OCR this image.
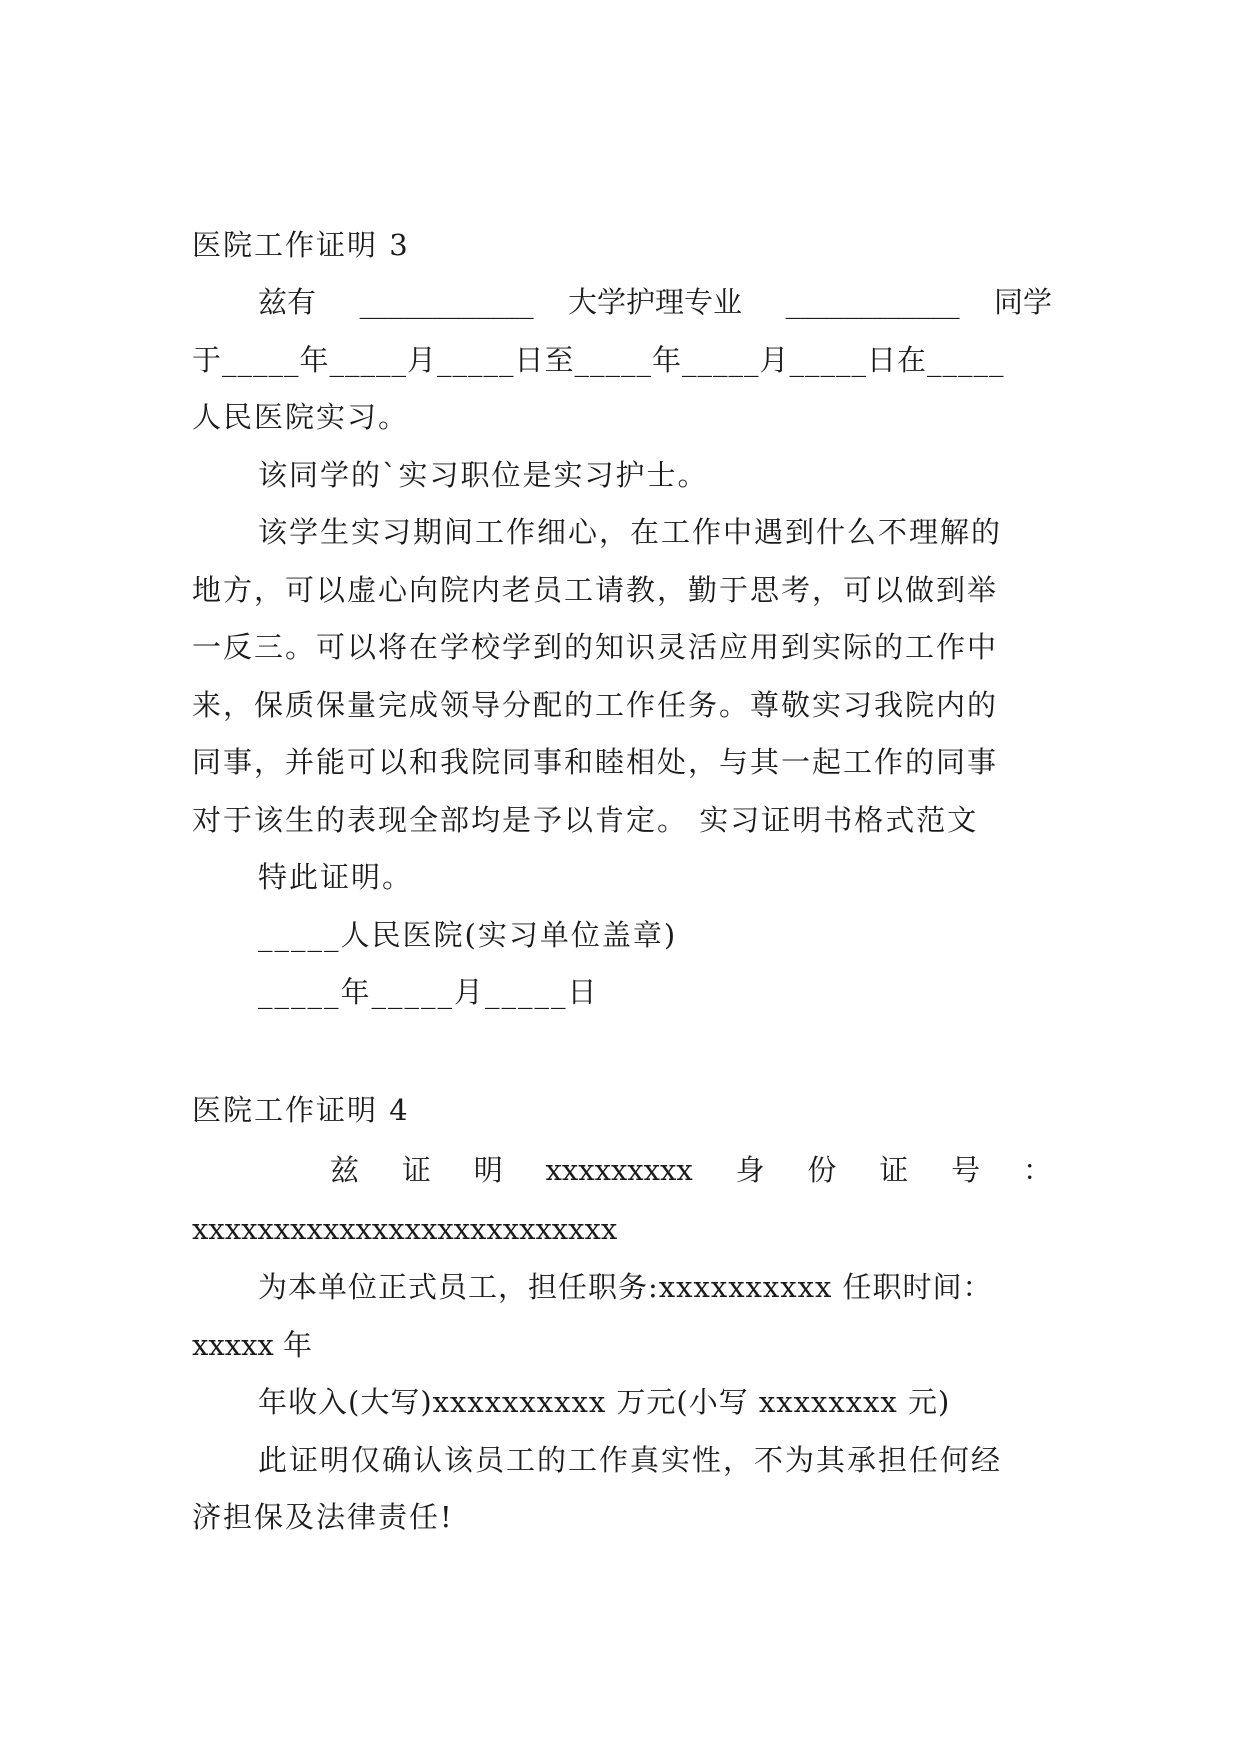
医院工作证明 3
兹有 ____________ 大学护理专业 ____________ 同学
于_____年_____月_____日至_____年_____月_____日在_____
人民医院实习。
该同学的`实习职位是实习护士。
该学生实习期间工作细心，在工作中遇到什么不理解的
地方，可以虚心向院内老员工请教，勤于思考，可以做到举
一反三。可以将在学校学到的知识灵活应用到实际的工作中
来，保质保量完成领导分配的工作任务。尊敬实习我院内的
同事，并能可以和我院同事和睦相处，与其一起工作的同事
对于该生的表现全部均是予以肯定。 实习证明书格式范文
特此证明。
_____人民医院(实习单位盖章)
_____年_____月_____日
医院工作证明 4
兹 证 明 xxxxxxxxx 身 份 证 号 ：
xxxxxxxxxxxxxxxxxxxxxxxxxx
为本单位正式员工，担任职务:xxxxxxxxxx 任职时间：
xxxxx 年
年收入(大写)xxxxxxxxxx 万元(小写 xxxxxxxx 元)
此证明仅确认该员工的工作真实性，不为其承担任何经
济担保及法律责任!
